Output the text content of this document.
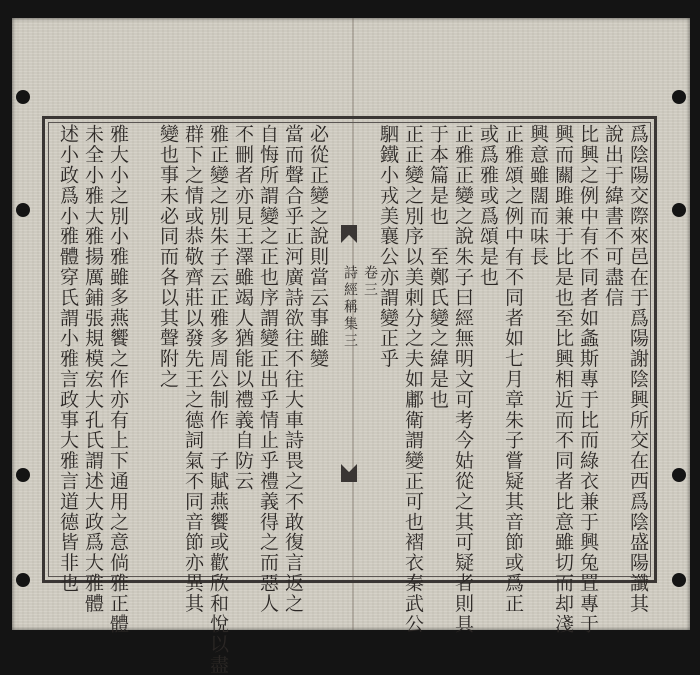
爲陰陽交際來邑在于爲陽謝陰興所交在西爲陰盛陽讖其
說出于緯書不可盡信
比興之例中有不同者如螽斯專于比而綠衣兼于興兔罝專于
興而關雎兼于比是也至比興相近而不同者比意雖切而却淺
興意雖闊而味長
正雅頌之例中有不同者如七月章朱子嘗疑其音節或爲正
或爲雅或爲頌是也
正雅正變之說朱子曰經無明文可考今姑從之其可疑者則具
于本篇是也　至鄭氏變之緯是也
正正變之別序以美刺分之夫如鄘衛謂變正可也褶衣秦武公
駟鐵小戎美襄公亦謂變正乎
卷三
詩經稱集三
必從正變之說則當云事雖變
當而聲合乎正河廣詩欲往不往大車詩畏之不敢復言返之
自悔所謂變之正也序謂變正出乎情止乎禮義得之而惡人
不刪者亦見王澤雖竭人猶能以禮義自防云
雅正變之別朱子云正雅多周公制作　子賦燕饗或歡欣和悅以盡
群下之情或恭敬齊莊以發先王之德詞氣不同音節亦異其
變也事未必同而各以其聲附之
雅大小之別小雅雖多燕饗之作亦有上下通用之意倘雅正體
未全小雅大雅揚厲鋪張規模宏大孔氏謂述大政爲大雅體
述小政爲小雅體穿氏謂小雅言政事大雅言道德皆非也
